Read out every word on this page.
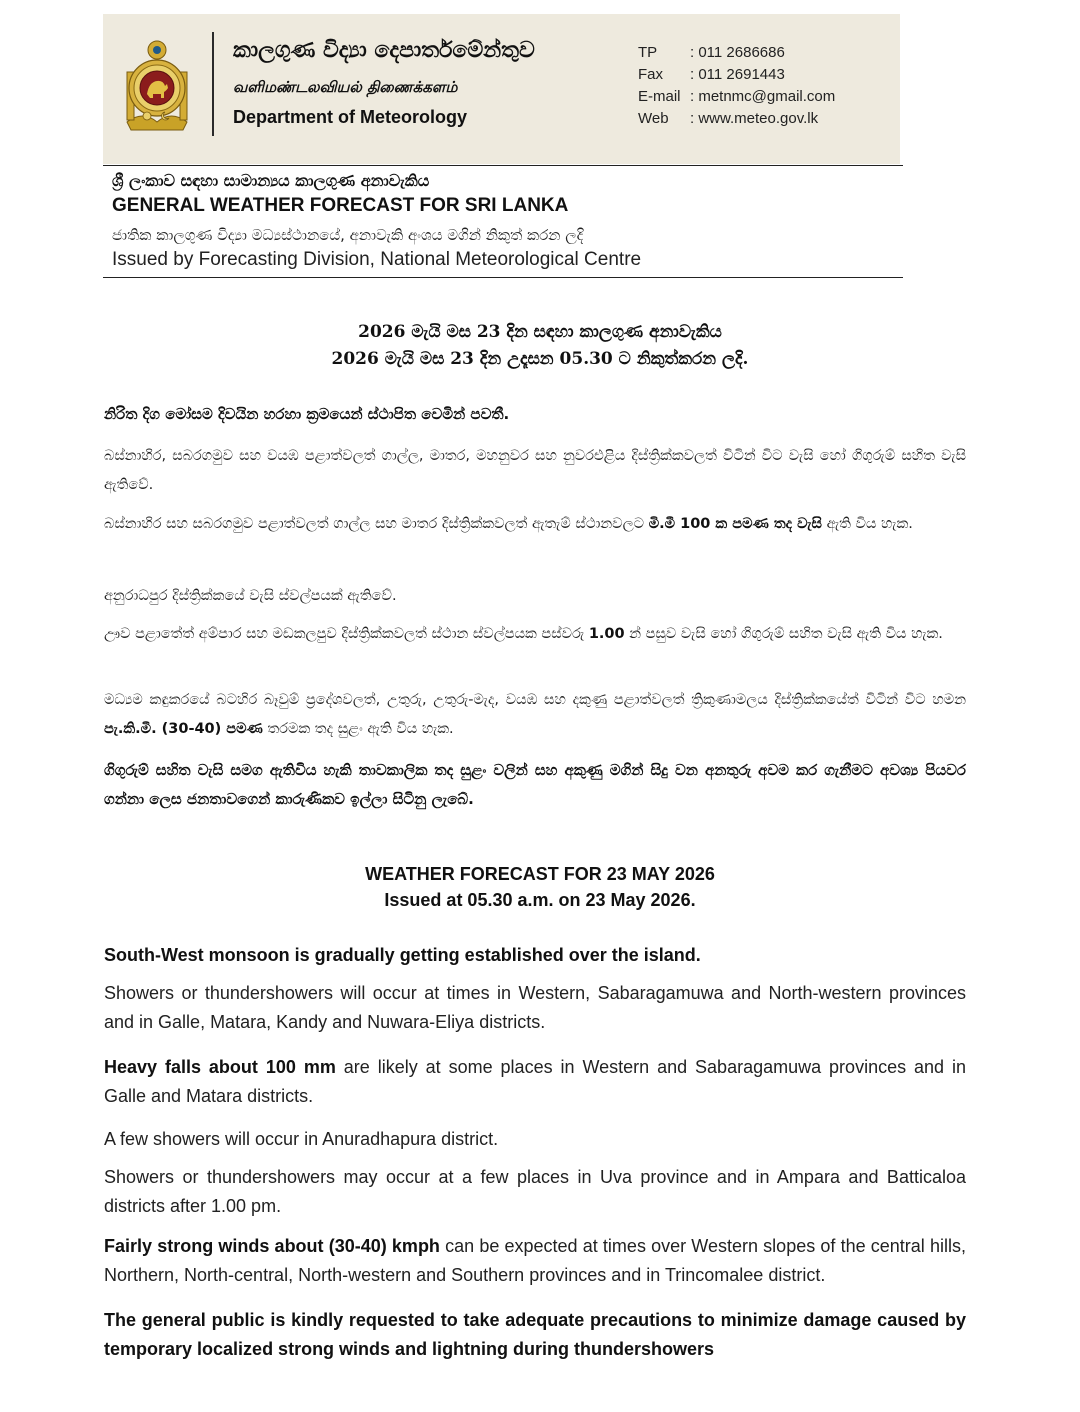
කාලගුණ විද්‍යා දෙපාර්තමේන්තුව
வளிமண்டலவியல் திணைக்களம்
Department of Meteorology
TP : 011 2686686
Fax : 011 2691443
E-mail : metnmc@gmail.com
Web : www.meteo.gov.lk
ශ්‍රී ලංකාව සඳහා සාමාන්‍යය කාලගුණ අනාවැකිය
GENERAL WEATHER FORECAST FOR SRI LANKA
ජාතික කාලගුණ විද්‍යා මධ්‍යස්ථානයේ, අනාවැකි අංශය මගින් නිකුත් කරන ලදි
Issued by Forecasting Division, National Meteorological Centre
2026 මැයි මස 23 දින සඳහා කාලගුණ අනාවැකිය
2026 මැයි මස 23 දින උදෑසන 05.30 ට නිකුත්කරන ලදි.
නිරිත දිග මෝසම දිවයින හරහා ක්‍රමයෙන් ස්ථාපිත වෙමින් පවතී.
බස්නාහිර, සබරගමුව සහ වයඹ පළාත්වලත් ගාල්ල, මාතර, මහනුවර සහ නුවරඑළිය දිස්ත්‍රික්කවලත් විටින් විට වැසි හෝ ගිගුරුම් සහිත වැසි ඇතිවේ.
බස්නාහිර සහ සබරගමුව පළාත්වලත් ගාල්ල සහ මාතර දිස්ත්‍රික්කවලත් ඇතැම් ස්ථානවලට මි.මී 100 ක පමණ තද වැසි ඇති විය හැක.
අනුරාධපුර දිස්ත්‍රික්කයේ වැසි ස්වල්පයක් ඇතිවේ.
ඌව පළාතේත් අම්පාර සහ මඩකලපුව දිස්ත්‍රික්කවලත් ස්ථාන ස්වල්පයක පස්වරු 1.00 න් පසුව වැසි හෝ ගිගුරුම් සහිත වැසි ඇති විය හැක.
මධ්‍යම කඳුකරයේ බටහිර බෑවුම් ප්‍රදේශවලත්, උතුරු, උතුරු-මැද, වයඹ සහ දකුණු පළාත්වලත් ත්‍රිකුණාමලය දිස්ත්‍රික්කයේත් විටින් විට හමන පැ.කි.මී. (30-40) පමණ තරමක තද සුළං ඇති විය හැක.
ගිගුරුම් සහිත වැසි සමග ඇතිවිය හැකි තාවකාලික තද සුළං වලින් සහ අකුණු මගින් සිදු වන අනතුරු අවම කර ගැනීමට අවශ්‍ය පියවර ගන්නා ලෙස ජනතාවගෙන් කාරුණිකව ඉල්ලා සිටිනු ලැබේ.
WEATHER FORECAST FOR 23 MAY 2026
Issued at 05.30 a.m. on 23 May 2026.
South-West monsoon is gradually getting established over the island.
Showers or thundershowers will occur at times in Western, Sabaragamuwa and North-western provinces and in Galle, Matara, Kandy and Nuwara-Eliya districts.
Heavy falls about 100 mm are likely at some places in Western and Sabaragamuwa provinces and in Galle and Matara districts.
A few showers will occur in Anuradhapura district.
Showers or thundershowers may occur at a few places in Uva province and in Ampara and Batticaloa districts after 1.00 pm.
Fairly strong winds about (30-40) kmph can be expected at times over Western slopes of the central hills, Northern, North-central, North-western and Southern provinces and in Trincomalee district.
The general public is kindly requested to take adequate precautions to minimize damage caused by temporary localized strong winds and lightning during thundershowers
